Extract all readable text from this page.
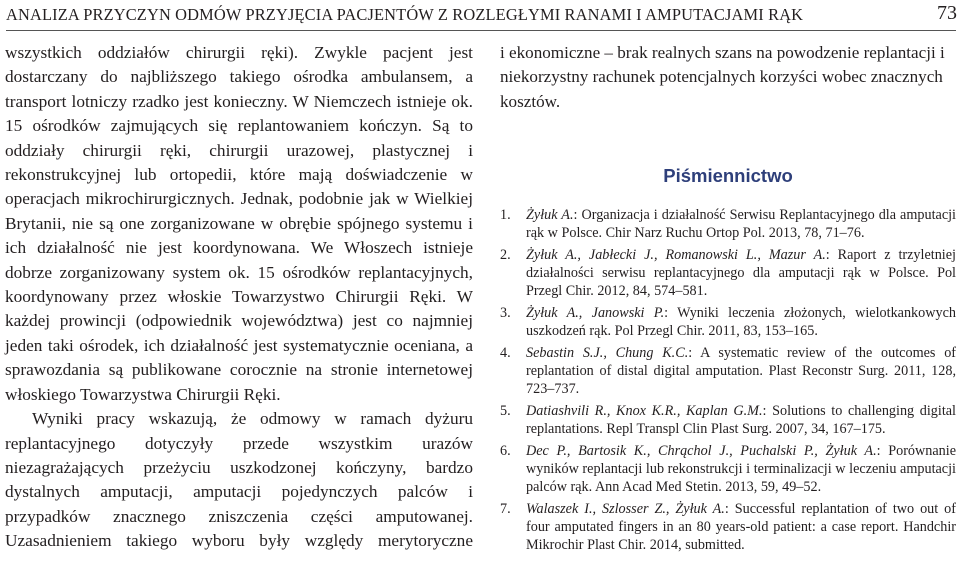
ANALIZA PRZYCZYN ODMÓW PRZYJĘCIA PACJENTÓW Z ROZLEGŁYMI RANAMI I AMPUTACJAMI RĄK	73

wszystkich oddziałów chirurgii ręki). Zwykle pacjent jest dostarczany do najbliższego takiego ośrodka ambulansem, a transport lotniczy rzadko jest konieczny. W Niemczech istnieje ok. 15 ośrodków zajmujących się replantowaniem kończyn. Są to oddziały chirurgii ręki, chirurgii urazowej, plastycznej i rekonstrukcyjnej lub ortopedii, które mają doświadczenie w operacjach mikrochirurgicznych. Jednak, podobnie jak w Wielkiej Brytanii, nie są one zorganizowane w obrębie spójnego systemu i ich działalność nie jest koordynowana. We Włoszech istnieje dobrze zorganizowany system ok. 15 ośrodków replantacyjnych, koordynowany przez włoskie Towarzystwo Chirurgii Ręki. W każdej prowincji (odpowiednik województwa) jest co najmniej jeden taki ośrodek, ich działalność jest systematycznie oceniana, a sprawozdania są publikowane corocznie na stronie internetowej włoskiego Towarzystwa Chirurgii Ręki.

Wyniki pracy wskazują, że odmowy w ramach dyżuru replantacyjnego dotyczyły przede wszystkim urazów niezagrażających przeżyciu uszkodzonej kończyny, bardzo dystalnych amputacji, amputacji pojedynczych palców i przypadków znacznego zniszczenia części amputowanej. Uzasadnieniem takiego wyboru były względy merytoryczne

i ekonomiczne – brak realnych szans na powodzenie replantacji i niekorzystny rachunek potencjalnych korzyści wobec znacznych kosztów.

Piśmiennictwo
1.	Żyłuk A.: Organizacja i działalność Serwisu Replantacyjnego dla amputacji rąk w Polsce. Chir Narz Ruchu Ortop Pol. 2013, 78, 71–76.
2.	Żyłuk A., Jabłecki J., Romanowski L., Mazur A.: Raport z trzyletniej działalności serwisu replantacyjnego dla amputacji rąk w Polsce. Pol Przegl Chir. 2012, 84, 574–581.
3.	Żyłuk A., Janowski P.: Wyniki leczenia złożonych, wielotkankowych uszkodzeń rąk. Pol Przegl Chir. 2011, 83, 153–165.
4.	Sebastin S.J., Chung K.C.: A systematic review of the outcomes of replantation of distal digital amputation. Plast Reconstr Surg. 2011, 128, 723–737.
5.	Datiashvili R., Knox K.R., Kaplan G.M.: Solutions to challenging digital replantations. Repl Transpl Clin Plast Surg. 2007, 34, 167–175.
6.	Dec P., Bartosik K., Chrąchol J., Puchalski P., Żyłuk A.: Porównanie wyników replantacji lub rekonstrukcji i terminalizacji w leczeniu amputacji palców rąk. Ann Acad Med Stetin. 2013, 59, 49–52.
7.	Walaszek I., Szlosser Z., Żyłuk A.: Successful replantation of two out of four amputated fingers in an 80 years-old patient: a case report. Handchir Mikrochir Plast Chir. 2014, submitted.
